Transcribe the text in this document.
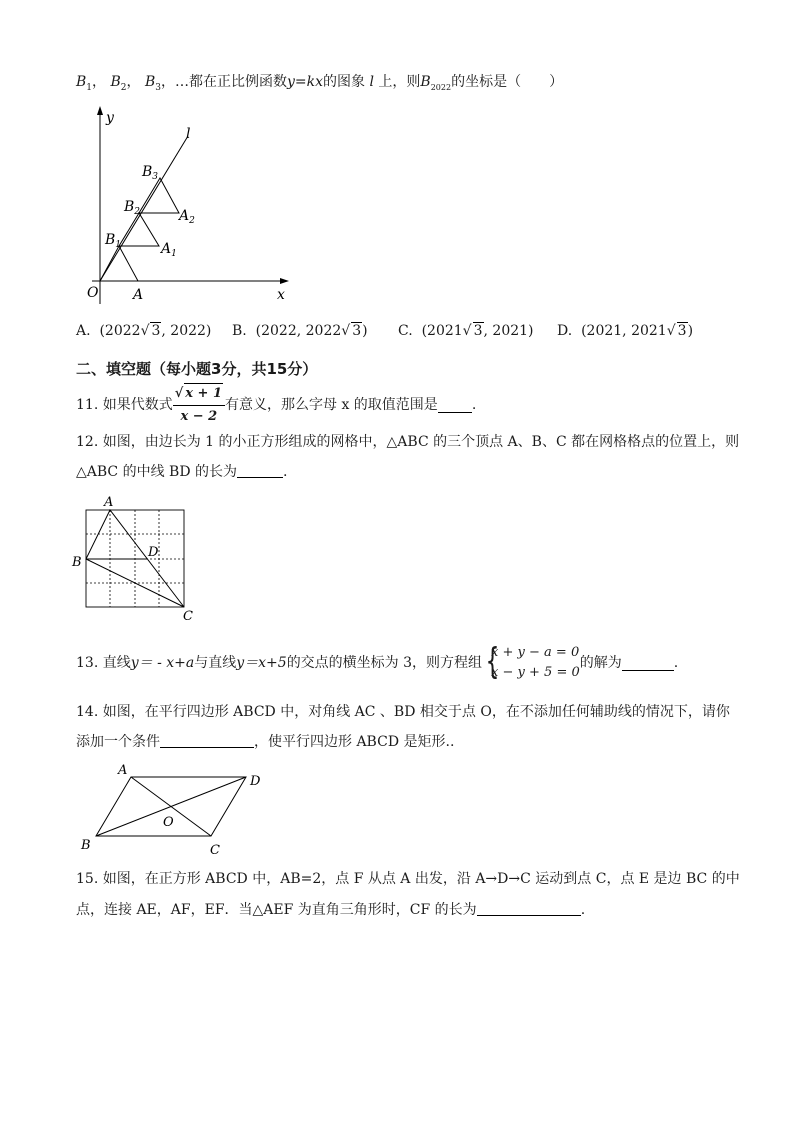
$B_1$， $B_2$， $B_3$，…都在正比例函数y=kx的图象 l 上，则$B_{2022}$的坐标是（　　）
y
x
O A
l
$B_1$
$B_2$
$B_3$
$A_1$
$A_2$
A. (2022√ 3, 2022) B. (2022, 2022√ 3) C. (2021√ 3, 2021) D. (2021, 2021√ 3)
二、填空题（每小题3分，共15分）
11. 如果代数式 $\frac{√ x + 1}{x - 2}$ 有意义，那么字母 x 的取值范围是 .
12. 如图，由边长为 1 的小正方形组成的网格中，△ABC 的三个顶点 A、B、C 都在网格格点的位置上，则
△ABC 的中线 BD 的长为	.
A
B
C
D
13. 直线 y＝ - x+a 与直线 y＝x+5 的交点的横坐标为 3，则方程组 {
x + y − a = 0
x − y + 5 = 0
的解为	.
14. 如图，在平行四边形 ABCD 中，对角线 AC 、BD 相交于点 O，在不添加任何辅助线的情况下，请你
添加一个条件	，使平行四边形 ABCD 是矩形..
A
D
B	C
O
15. 如图，在正方形 ABCD 中，AB=2，点 F 从点 A 出发，沿 A→D→C 运动到点 C，点 E 是边 BC 的中
点，连接 AE，AF，EF．当△AEF 为直角三角形时，CF 的长为	.
